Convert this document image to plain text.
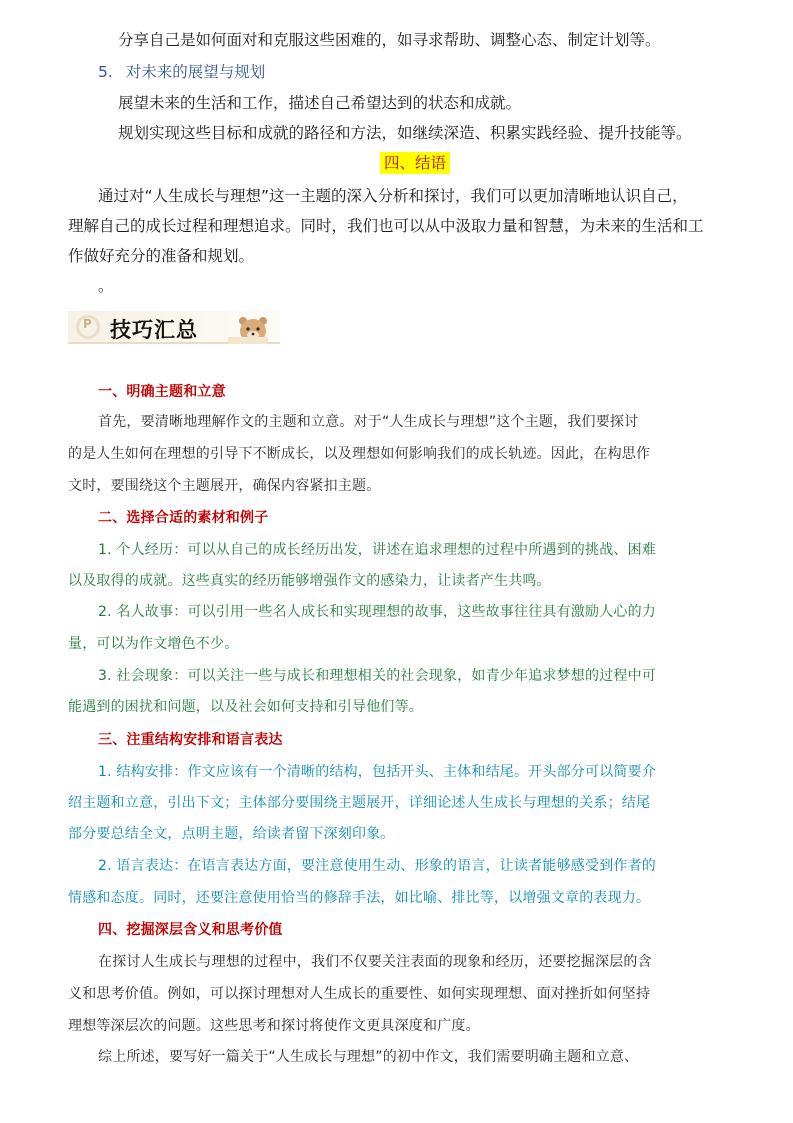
分享自己是如何面对和克服这些困难的，如寻求帮助、调整心态、制定计划等。
5. 对未来的展望与规划
展望未来的生活和工作，描述自己希望达到的状态和成就。
规划实现这些目标和成就的路径和方法，如继续深造、积累实践经验、提升技能等。
四、结语
通过对“人生成长与理想”这一主题的深入分析和探讨，我们可以更加清晰地认识自己，
理解自己的成长过程和理想追求。同时，我们也可以从中汲取力量和智慧，为未来的生活和工
作做好充分的准备和规划。
。
P 技巧汇总
一、明确主题和立意
首先，要清晰地理解作文的主题和立意。对于“人生成长与理想”这个主题，我们要探讨
的是人生如何在理想的引导下不断成长，以及理想如何影响我们的成长轨迹。因此，在构思作
文时，要围绕这个主题展开，确保内容紧扣主题。
二、选择合适的素材和例子
1. 个人经历：可以从自己的成长经历出发，讲述在追求理想的过程中所遇到的挑战、困难
以及取得的成就。这些真实的经历能够增强作文的感染力，让读者产生共鸣。
2. 名人故事：可以引用一些名人成长和实现理想的故事，这些故事往往具有激励人心的力
量，可以为作文增色不少。
3. 社会现象：可以关注一些与成长和理想相关的社会现象，如青少年追求梦想的过程中可
能遇到的困扰和问题，以及社会如何支持和引导他们等。
三、注重结构安排和语言表达
1. 结构安排：作文应该有一个清晰的结构，包括开头、主体和结尾。开头部分可以简要介
绍主题和立意，引出下文；主体部分要围绕主题展开，详细论述人生成长与理想的关系；结尾
部分要总结全文，点明主题，给读者留下深刻印象。
2. 语言表达：在语言表达方面，要注意使用生动、形象的语言，让读者能够感受到作者的
情感和态度。同时，还要注意使用恰当的修辞手法，如比喻、排比等，以增强文章的表现力。
四、挖掘深层含义和思考价值
在探讨人生成长与理想的过程中，我们不仅要关注表面的现象和经历，还要挖掘深层的含
义和思考价值。例如，可以探讨理想对人生成长的重要性、如何实现理想、面对挫折如何坚持
理想等深层次的问题。这些思考和探讨将使作文更具深度和广度。
综上所述，要写好一篇关于“人生成长与理想”的初中作文，我们需要明确主题和立意、
